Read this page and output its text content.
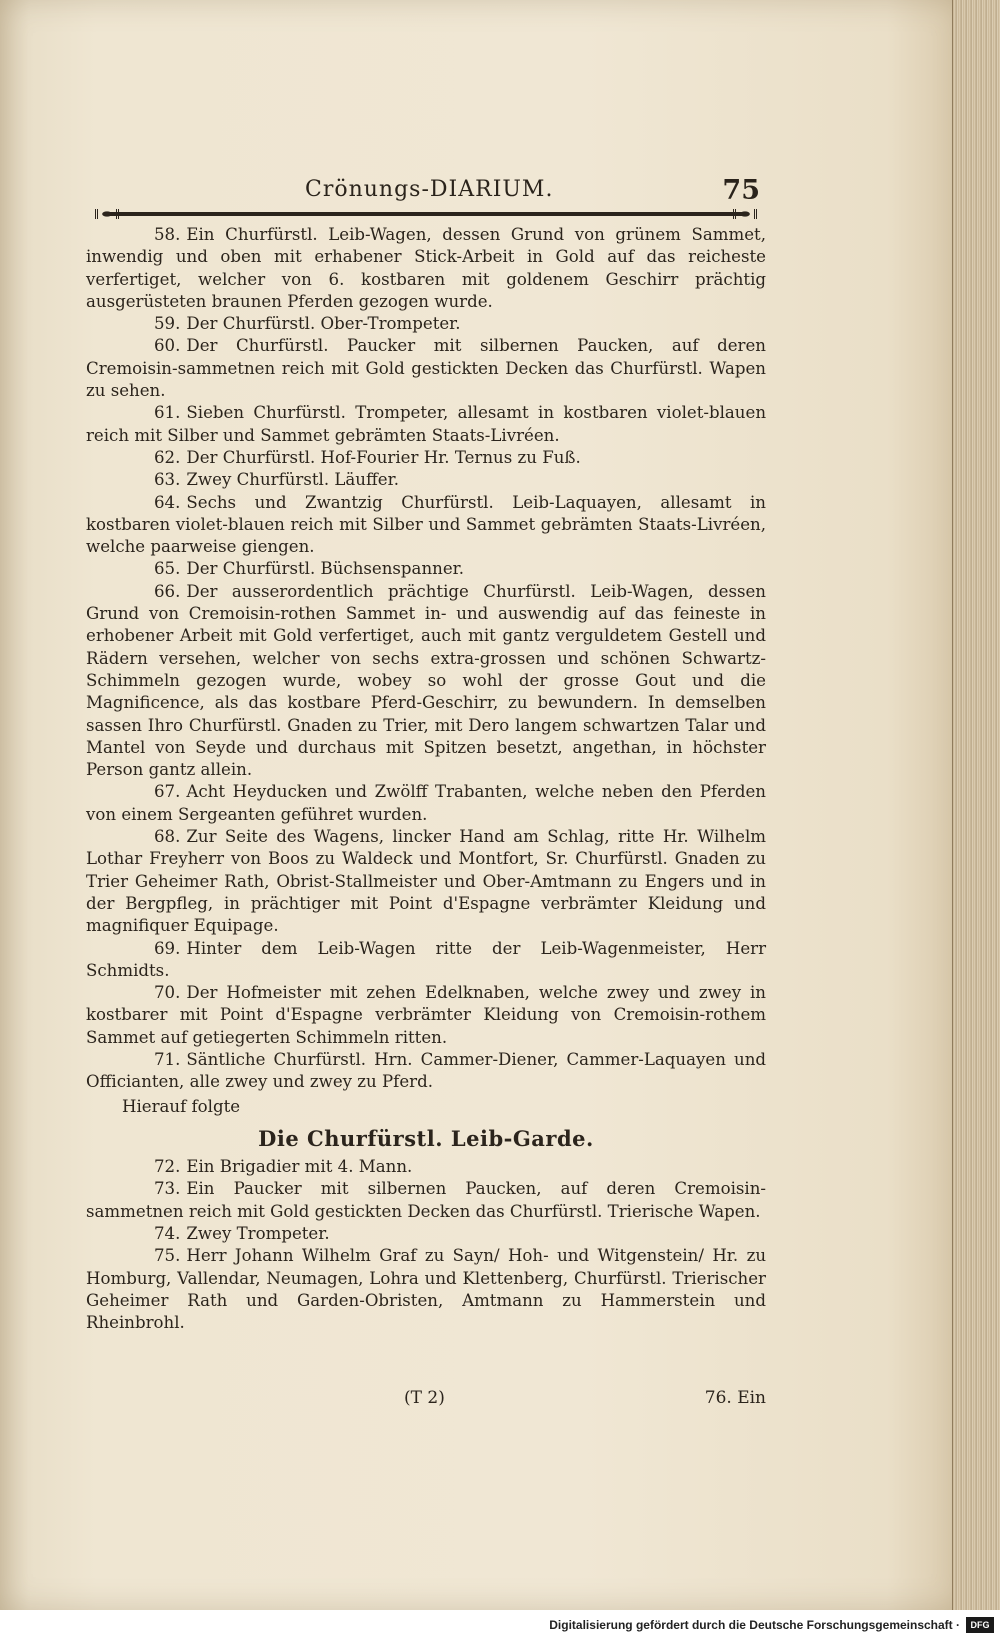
Crönungs-DIARIUM.	75

58. Ein Churfürstl. Leib-Wagen, dessen Grund von grünem Sammet, inwendig und oben mit erhabener Stick-Arbeit in Gold auf das reicheste verfertiget, welcher von 6. kostbaren mit goldenem Geschirr prächtig ausgerüsteten braunen Pferden gezogen wurde.

59. Der Churfürstl. Ober-Trompeter.

60. Der Churfürstl. Paucker mit silbernen Paucken, auf deren Cremoisin-sammetnen reich mit Gold gestickten Decken das Churfürstl. Wapen zu sehen.

61. Sieben Churfürstl. Trompeter, allesamt in kostbaren violet-blauen reich mit Silber und Sammet gebrämten Staats-Livréen.

62. Der Churfürstl. Hof-Fourier Hr. Ternus zu Fuß.

63. Zwey Churfürstl. Läuffer.

64. Sechs und Zwantzig Churfürstl. Leib-Laquayen, allesamt in kostbaren violet-blauen reich mit Silber und Sammet gebrämten Staats-Livréen, welche paarweise giengen.

65. Der Churfürstl. Büchsenspanner.

66. Der ausserordentlich prächtige Churfürstl. Leib-Wagen, dessen Grund von Cremoisin-rothen Sammet in- und auswendig auf das feineste in erhobener Arbeit mit Gold verfertiget, auch mit gantz verguldetem Gestell und Rädern versehen, welcher von sechs extra-grossen und schönen Schwartz-Schimmeln gezogen wurde, wobey so wohl der grosse Gout und die Magnificence, als das kostbare Pferd-Geschirr, zu bewundern. In demselben sassen Ihro Churfürstl. Gnaden zu Trier, mit Dero langem schwartzen Talar und Mantel von Seyde und durchaus mit Spitzen besetzt, angethan, in höchster Person gantz allein.

67. Acht Heyducken und Zwölff Trabanten, welche neben den Pferden von einem Sergeanten geführet wurden.

68. Zur Seite des Wagens, lincker Hand am Schlag, ritte Hr. Wilhelm Lothar Freyherr von Boos zu Waldeck und Montfort, Sr. Churfürstl. Gnaden zu Trier Geheimer Rath, Obrist-Stallmeister und Ober-Amtmann zu Engers und in der Bergpfleg, in prächtiger mit Point d'Espagne verbrämter Kleidung und magnifiquer Equipage.

69. Hinter dem Leib-Wagen ritte der Leib-Wagenmeister, Herr Schmidts.

70. Der Hofmeister mit zehen Edelknaben, welche zwey und zwey in kostbarer mit Point d'Espagne verbrämter Kleidung von Cremoisin-rothem Sammet auf getiegerten Schimmeln ritten.

71. Säntliche Churfürstl. Hrn. Cammer-Diener, Cammer-Laquayen und Officianten, alle zwey und zwey zu Pferd.

Hierauf folgte

Die Churfürstl. Leib-Garde.

72. Ein Brigadier mit 4. Mann.

73. Ein Paucker mit silbernen Paucken, auf deren Cremoisin-sammetnen reich mit Gold gestickten Decken das Churfürstl. Trierische Wapen.

74. Zwey Trompeter.

75. Herr Johann Wilhelm Graf zu Sayn/ Hoh- und Witgenstein/ Hr. zu Homburg, Vallendar, Neumagen, Lohra und Klettenberg, Churfürstl. Trierischer Geheimer Rath und Garden-Obristen, Amtmann zu Hammerstein und Rheinbrohl.

(T 2)	76. Ein
Digitalisierung gefördert durch die Deutsche Forschungsgemeinschaft ·	DFG
